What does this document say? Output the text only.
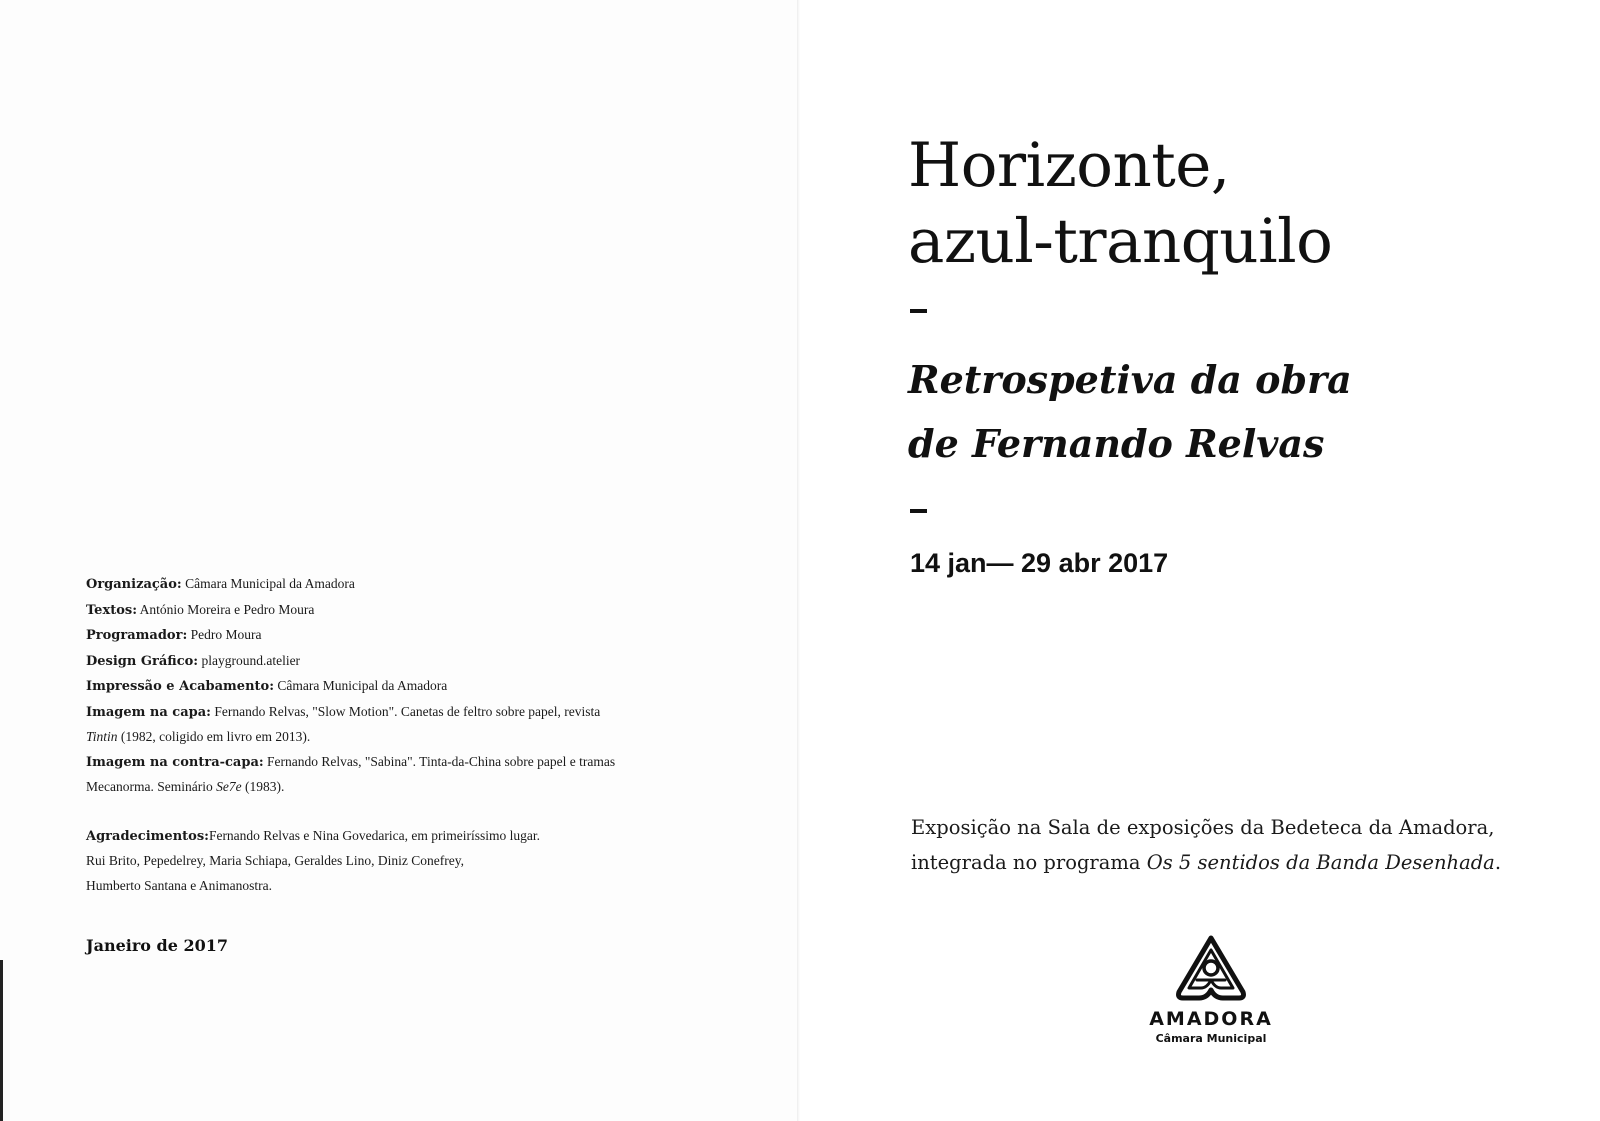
Organização: Câmara Municipal da Amadora
Textos: António Moreira e Pedro Moura
Programador: Pedro Moura
Design Gráfico: playground.atelier
Impressão e Acabamento: Câmara Municipal da Amadora
Imagem na capa: Fernando Relvas, "Slow Motion". Canetas de feltro sobre papel, revista
Tintin (1982, coligido em livro em 2013).
Imagem na contra-capa: Fernando Relvas, "Sabina". Tinta-da-China sobre papel e tramas
Mecanorma. Seminário Se7e (1983).
Agradecimentos:Fernando Relvas e Nina Govedarica, em primeiríssimo lugar.
Rui Brito, Pepedelrey, Maria Schiapa, Geraldes Lino, Diniz Conefrey,
Humberto Santana e Animanostra.
Janeiro de 2017
Horizonte,
azul-tranquilo
Retrospetiva da obra
de Fernando Relvas
14 jan— 29 abr 2017
Exposição na Sala de exposições da Bedeteca da Amadora,
integrada no programa Os 5 sentidos da Banda Desenhada.
AMADORA
Câmara Municipal
